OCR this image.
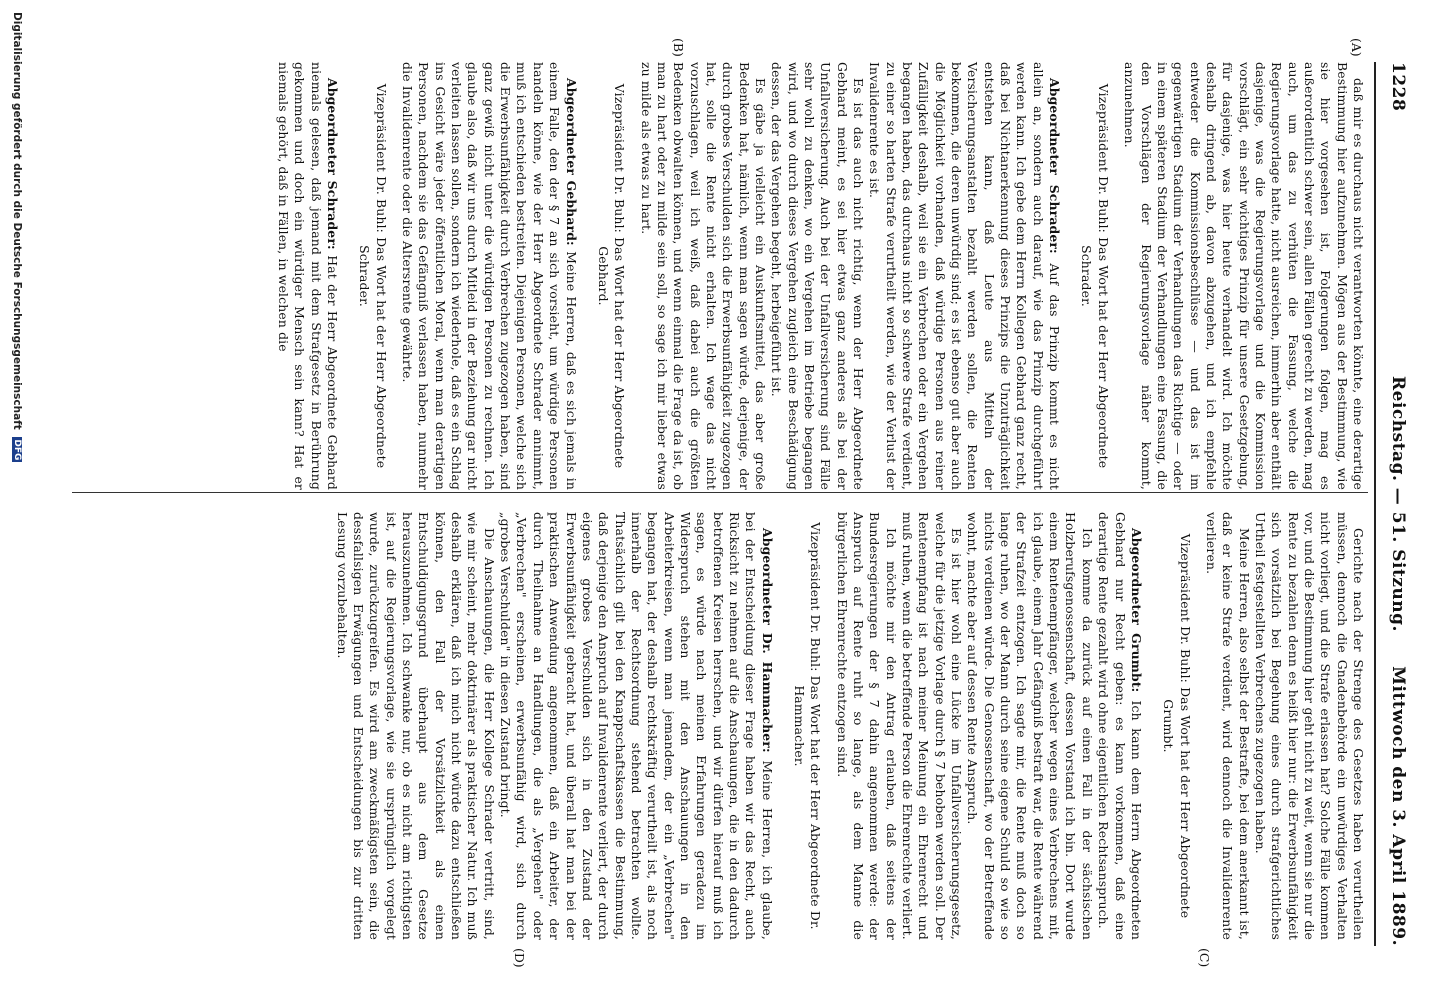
1228
Reichstag. — 51. Sitzung.
Mittwoch den 3. April 1889.
(A)
(B)
(C)
(D)

daß mir es durchaus nicht verantworten könnte, eine derartige Bestimmung hier aufzunehmen. Mögen aus der Bestimmung, wie sie hier vorgesehen ist, Folgerungen folgen, mag es außerordentlich schwer sein, allen Fällen gerecht zu werden, mag auch, um das zu verhüten die Fassung, welche die Regierungsvorlage hatte, nicht ausreichen, immerhin aber enthält dasjenige, was die Regierungsvorlage und die Kommission vorschlägt, ein sehr wichtiges Prinzip für unsere Gesetzgebung, für dasjenige, was hier heute verhandelt wird. Ich möchte deshalb dringend ab, davon abzugehen, und ich empfehle entweder die Kommissionsbeschlüsse — und das ist im gegenwärtigen Stadium der Verhandlungen das Richtige — oder in einem späteren Stadium der Verhandlungen eine Fassung, die den Vorschlägen der Regierungsvorlage näher kommt, anzunehmen.

Vizepräsident Dr. Buhl: Das Wort hat der Herr Abgeordnete Schrader.

Abgeordneter Schrader: Auf das Prinzip kommt es nicht allein an, sondern auch darauf, wie das Prinzip durchgeführt werden kann. Ich gebe dem Herrn Kollegen Gebhard ganz recht, daß bei Nichtanerkennung dieses Prinzips die Unzuträglichkeit entstehen kann, daß Leute aus Mitteln der Versicherungsanstalten bezahlt werden sollen, die Renten bekommen, die deren unwürdig sind; es ist ebenso gut aber auch die Möglichkeit vorhanden, daß würdige Personen aus reiner Zufälligkeit deshalb, weil sie ein Verbrechen oder ein Vergehen begangen haben, das durchaus nicht so schwere Strafe verdient, zu einer so harten Strafe verurtheilt werden, wie der Verlust der Invalidenrente es ist.

Es ist das auch nicht richtig, wenn der Herr Abgeordnete Gebhard meint, es sei hier etwas ganz anderes als bei der Unfallversicherung. Auch bei der Unfallversicherung sind Fälle sehr wohl zu denken, wo ein Vergehen im Betriebe begangen wird, und wo durch dieses Vergehen zugleich eine Beschädigung dessen, der das Vergehen begeht, herbeigeführt ist.

Es gäbe ja vielleicht ein Auskunftsmittel, das aber große Bedenken hat, nämlich, wenn man sagen würde, derjenige, der durch grobes Verschulden sich die Erwerbsunfähigkeit zugezogen hat, solle die Rente nicht erhalten. Ich wage das nicht vorzuschlagen, weil ich weiß, daß dabei auch die größten Bedenken obwalten können, und wenn einmal die Frage da ist, ob man zu hart oder zu milde sein soll, so sage ich mir lieber etwas zu milde als etwas zu hart.

Vizepräsident Dr. Buhl: Das Wort hat der Herr Abgeordnete Gebhard.

Abgeordneter Gebhard: Meine Herren, daß es sich jemals in einem Falle, den der § 7 an sich vorsieht, um würdige Personen handeln könne, wie der Herr Abgeordnete Schrader annimmt, muß ich entschieden bestreiten. Diejenigen Personen, welche sich die Erwerbsunfähigkeit durch Verbrechen zugezogen haben, sind ganz gewiß nicht unter die würdigen Personen zu rechnen. Ich glaube also, daß wir uns durch Mitleid in der Beziehung gar nicht verleiten lassen sollen, sondern ich wiederhole, daß es ein Schlag ins Gesicht wäre jeder öffentlichen Moral, wenn man derartigen Personen, nachdem sie das Gefängniß verlassen haben, nunmehr die Invalidenrente oder die Altersrente gewährte.

Vizepräsident Dr. Buhl: Das Wort hat der Herr Abgeordnete Schrader.

Abgeordneter Schrader: Hat der Herr Abgeordnete Gebhard niemals gelesen, daß jemand mit dem Strafgesetz in Berührung gekommen und doch ein würdiger Mensch sein kann? Hat er niemals gehört, daß in Fällen, in welchen die

Gerichte nach der Strenge des Gesetzes haben verurtheilen müssen, dennoch die Gnadenbehörde ein unwürdiges Verhalten nicht vorliegt, und die Strafe erlassen hat? Solche Fälle kommen vor, und die Bestimmung hier geht nicht zu weit, wenn sie nur die Rente zu bezahlen denn es heißt hier nur: die Erwerbsunfähigkeit sich vorsätzlich bei Begehung eines durch strafgerichtliches Urtheil festgestellten Verbrechens zugezogen haben.

Meine Herren, also selbst der Bestrafte, bei dem anerkannt ist, daß er keine Strafe verdient, wird dennoch die Invalidenrente verlieren.

Vizepräsident Dr. Buhl: Das Wort hat der Herr Abgeordnete Grumbt.

Abgeordneter Grumbt: Ich kann dem Herrn Abgeordneten Gebhard nur Recht geben: es kann vorkommen, daß eine derartige Rente gezahlt wird ohne eigentlichen Rechtsanspruch.

Ich komme da zurück auf einen Fall in der sächsischen Holzberufsgenossenschaft, dessen Vorstand ich bin. Dort wurde einem Rentenempfänger, welcher wegen eines Verbrechens mit, ich glaube, einem Jahr Gefängniß bestraft war, die Rente während der Strafzeit entzogen. Ich sagte mir, die Rente muß doch so lange ruhen, wo der Mann durch seine eigene Schuld so wie so nichts verdienen würde. Die Genossenschaft, wo der Betreffende wohnt, machte aber auf dessen Rente Anspruch.

Es ist hier wohl eine Lücke im Unfallversicherungsgesetz, welche für die jetzige Vorlage durch § 7 behoben werden soll. Der Rentenempfang ist nach meiner Meinung ein Ehrenrecht und muß ruhen, wenn die betreffende Person die Ehrenrechte verliert.

Ich möchte mir den Antrag erlauben, daß seitens der Bundesregierungen der § 7 dahin angenommen werde: der Anspruch auf Rente ruht so lange, als dem Manne die bürgerlichen Ehrenrechte entzogen sind.

Vizepräsident Dr. Buhl: Das Wort hat der Herr Abgeordnete Dr. Hammacher.

Abgeordneter Dr. Hammacher: Meine Herren, ich glaube, bei der Entscheidung dieser Frage haben wir das Recht, auch Rücksicht zu nehmen auf die Anschauungen, die in den dadurch betroffenen Kreisen herrschen, und wir dürfen hierauf muß ich sagen, es würde nach meinen Erfahrungen geradezu im Widerspruch stehen mit den Anschauungen in den Arbeiterkreisen, wenn man jemandem, der ein „Verbrechen" begangen hat, der deshalb rechtskräftig verurtheilt ist, als noch innerhalb der Rechtsordnung stehend betrachten wollte. Thatsächlich gilt bei den Knappschaftskassen die Bestimmung, daß derjenige den Anspruch auf Invalidenrente verliert, der durch eigenes grobes Verschulden sich in den Zustand der Erwerbsunfähigkeit gebracht hat, und überall hat man bei der praktischen Anwendung angenommen, daß ein Arbeiter, der durch Theilnahme an Handlungen, die als „Vergehen" oder „Verbrechen" erscheinen, erwerbsunfähig wird, sich durch „grobes Verschulden" in diesen Zustand bringt.

Die Anschauungen, die Herr Kollege Schrader vertritt, sind, wie mir scheint, mehr doktrinärer als praktischer Natur. Ich muß deshalb erklären, daß ich mich nicht würde dazu entschließen können, den Fall der Vorsätzlichkeit als einen Entschuldigungsgrund überhaupt aus dem Gesetze herauszunehmen. Ich schwanke nur, ob es nicht am richtigsten ist, auf die Regierungsvorlage, wie sie ursprünglich vorgelegt wurde, zurückzugreifen. Es wird am zweckmäßigsten sein, die dessfallsigen Erwägungen und Entscheidungen bis zur dritten Lesung vorzubehalten.

Digitalisierung gefördert durch die Deutsche Forschungsgemeinschaft DFG
